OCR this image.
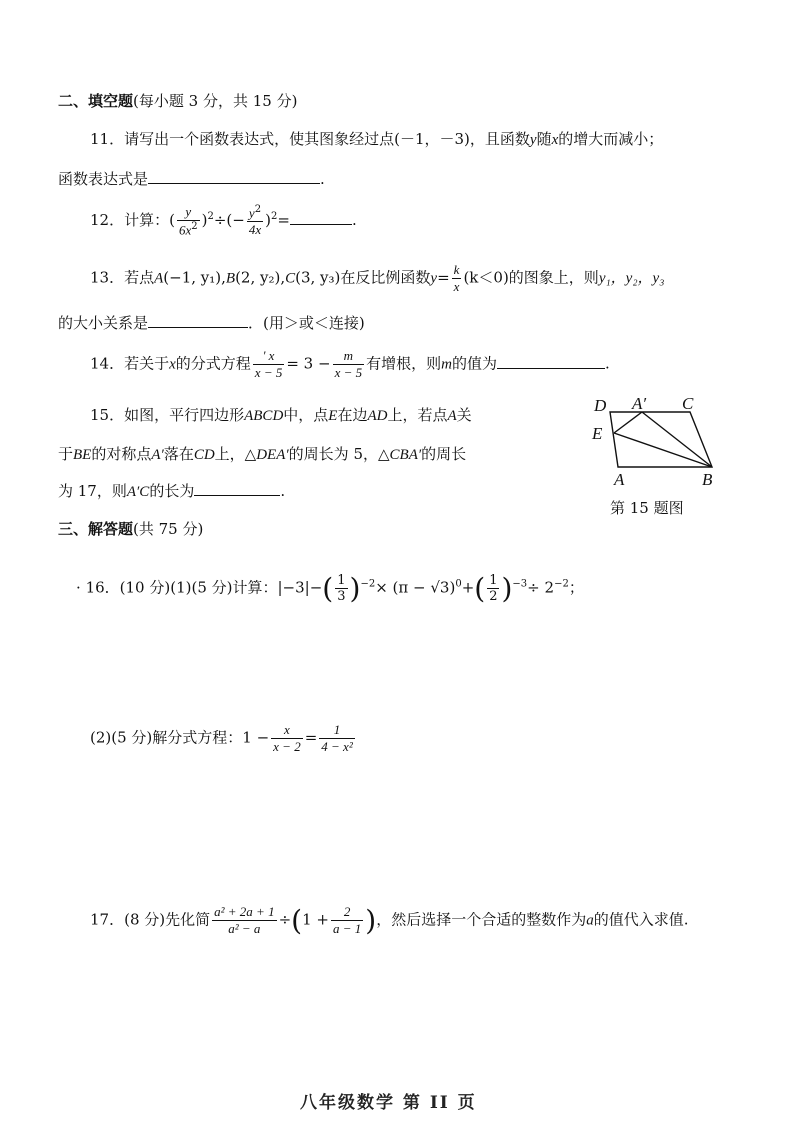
二、填空题(每小题 3 分，共 15 分)
11．请写出一个函数表达式，使其图象经过点(－1，－3)，且函数y随x的增大而减小；
函数表达式是	.
12．计算：( $\frac{y}{6x^2} )^2\div(- \frac{y^2}{4x} )^2=$	.
13．若点A(−1, y₁),B(2, y₂),C(3, y₃)在反比例函数$y= \frac{k}{x} (k<0)$的图象上，则y₁，y₂，y₃
的大小关系是	．(用＞或＜连接)
14．若关于x的分式方程 $\frac{' x}{x - 5} = 3 - \frac{m}{x - 5}$ 有增根，则m的值为	.
15．如图，平行四边形ABCD中，点E在边AD上，若点A关
于BE的对称点A′落在CD上，△DEA′的周长为 5，△CBA′的周长
为 17，则A′C的长为	.
D A′ C
E
A	B
第 15 题图
三、解答题(共 75 分)
· 16．(10 分)(1)(5 分)计算：$|-3|-( \frac{1}{3} )^{-2}\times (\pi - √3)^0+( \frac{1}{2} )^{-3}\div 2^{-2}$；
(2)(5 分)解分式方程：$1 - \frac{x}{x - 2} = \frac{1}{\text{4 − x²}}$
17．(8 分)先化简 $\frac{\text{a² + 2a + 1}}{\text{a² − a}} \div(1 + \frac{2}{a - 1}$ )，然后选择一个合适的整数作为a的值代入求值.
八年级数学 第 II 页
